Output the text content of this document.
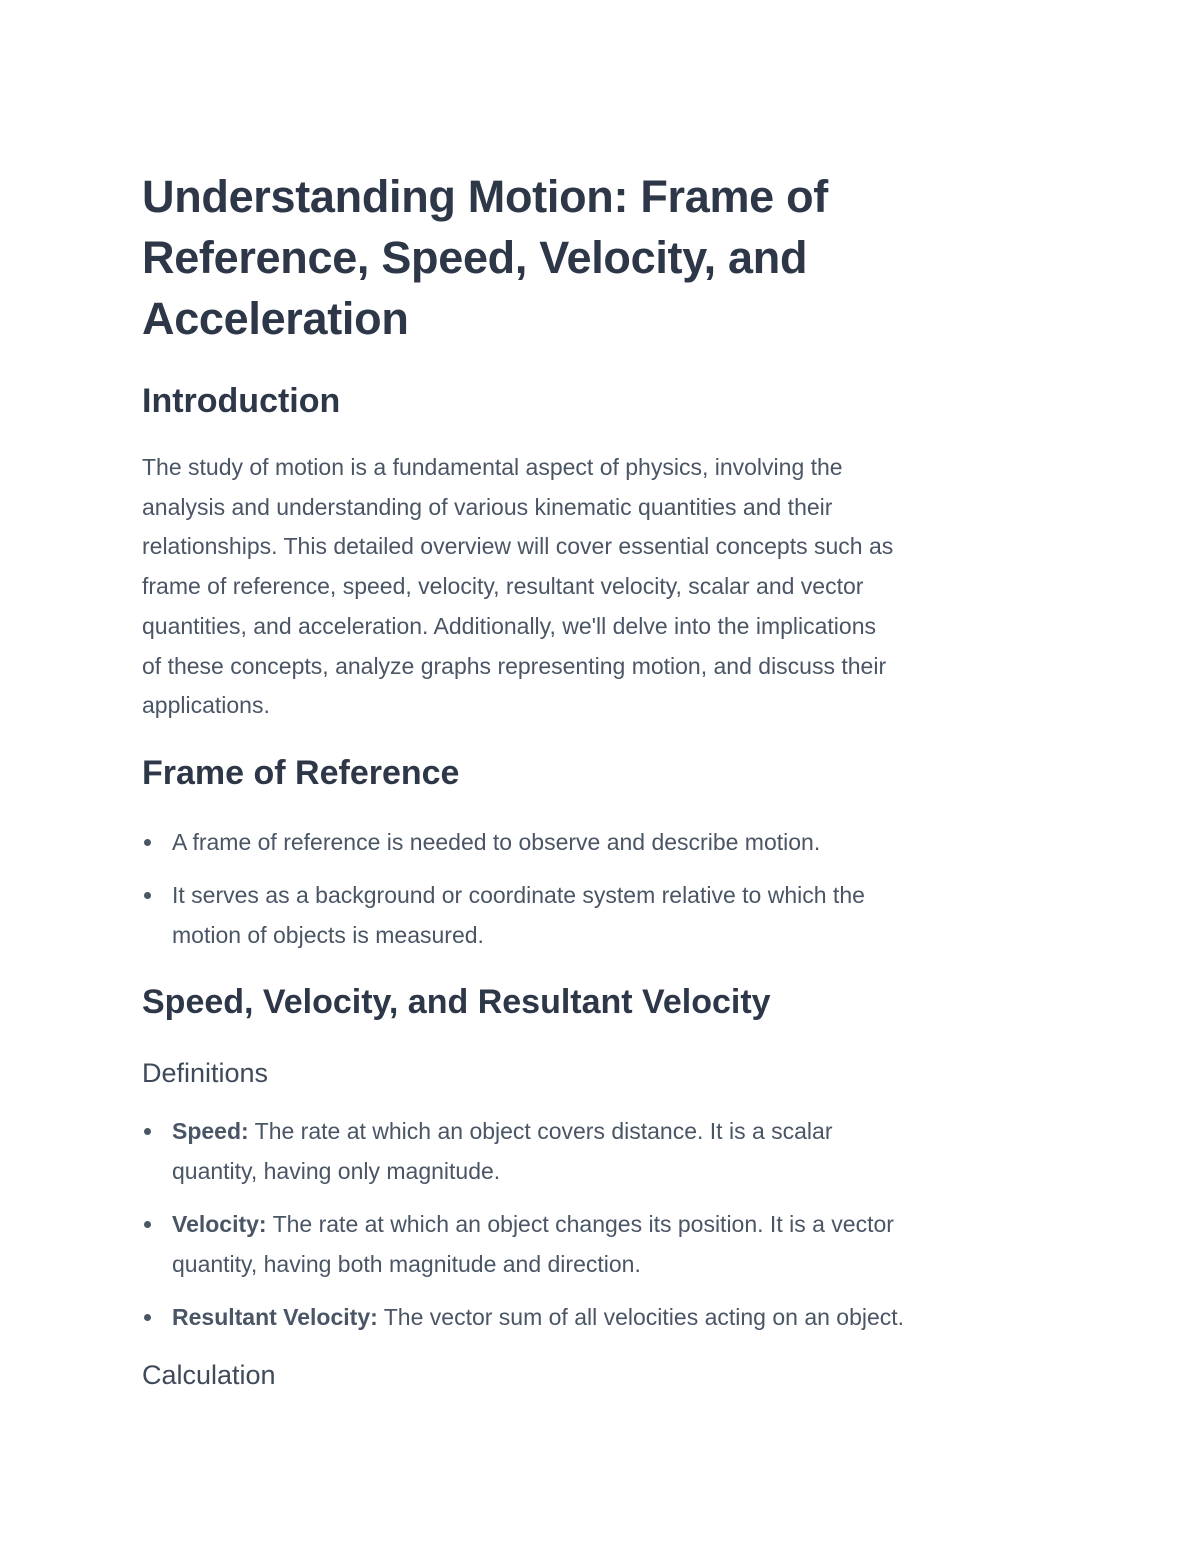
Understanding Motion: Frame of
Reference, Speed, Velocity, and
Acceleration
Introduction

The study of motion is a fundamental aspect of physics, involving the
analysis and understanding of various kinematic quantities and their
relationships. This detailed overview will cover essential concepts such as
frame of reference, speed, velocity, resultant velocity, scalar and vector
quantities, and acceleration. Additionally, we'll delve into the implications
of these concepts, analyze graphs representing motion, and discuss their
applications.

Frame of Reference
A frame of reference is needed to observe and describe motion.
It serves as a background or coordinate system relative to which the
motion of objects is measured.
Speed, Velocity, and Resultant Velocity
Definitions
Speed: The rate at which an object covers distance. It is a scalar
quantity, having only magnitude.
Velocity: The rate at which an object changes its position. It is a vector
quantity, having both magnitude and direction.
Resultant Velocity: The vector sum of all velocities acting on an object.
Calculation
